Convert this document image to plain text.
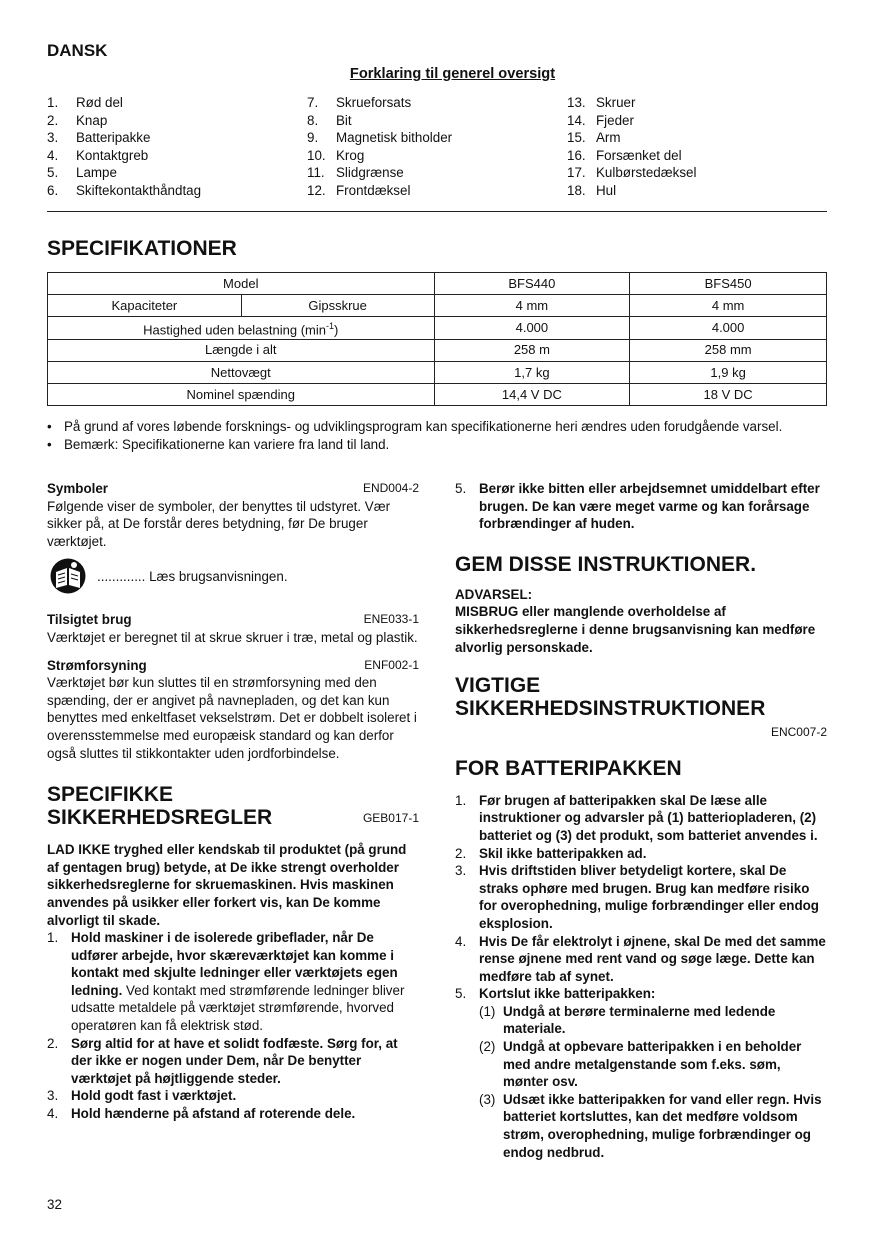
DANSK
Forklaring til generel oversigt
1.	Rød del
2.	Knap
3.	Batteripakke
4.	Kontaktgreb
5.	Lampe
6.	Skiftekontakthåndtag
7.	Skrueforsats
8.	Bit
9.	Magnetisk bitholder
10. Krog
11. Slidgrænse
12. Frontdæksel
13. Skruer
14. Fjeder
15. Arm
16. Forsænket del
17. Kulbørstedæksel
18. Hul
SPECIFIKATIONER
Model		BFS440	BFS450
Kapaciteter	Gipsskrue	4 mm	4 mm
Hastighed uden belastning $(\min^{-1})$		4.000	4.000
Længde i alt		258 m	258 mm
Nettovægt		1,7 kg	1,9 kg
Nominel spænding		14,4 V DC	18 V DC
• På grund af vores løbende forsknings- og udviklingsprogram kan specifikationerne heri ændres uden forudgående varsel.
• Bemærk: Specifikationerne kan variere fra land til land.
Symboler	END004-2
Følgende viser de symboler, der benyttes til udstyret. Vær sikker på, at De forstår deres betydning, før De bruger værktøjet.
............. Læs brugsanvisningen.
Tilsigtet brug	ENE033-1
Værktøjet er beregnet til at skrue skruer i træ, metal og plastik.
Strømforsyning	ENF002-1
Værktøjet bør kun sluttes til en strømforsyning med den spænding, der er angivet på navnepladen, og det kan kun benyttes med enkeltfaset vekselstrøm. Det er dobbelt isoleret i overensstemmelse med europæisk standard og kan derfor også sluttes til stikkontakter uden jordforbindelse.
SPECIFIKKE
SIKKERHEDSREGLER	GEB017-1
LAD IKKE tryghed eller kendskab til produktet (på grund af gentagen brug) betyde, at De ikke strengt overholder sikkerhedsreglerne for skruemaskinen. Hvis maskinen anvendes på usikker eller forkert vis, kan De komme alvorligt til skade.
1. Hold maskiner i de isolerede gribeflader, når De udfører arbejde, hvor skæreværktøjet kan komme i kontakt med skjulte ledninger eller værktøjets egen ledning. Ved kontakt med strømførende ledninger bliver udsatte metaldele på værktøjet strømførende, hvorved operatøren kan få elektrisk stød.
2. Sørg altid for at have et solidt fodfæste. Sørg for, at der ikke er nogen under Dem, når De benytter værktøjet på højtliggende steder.
3. Hold godt fast i værktøjet.
4. Hold hænderne på afstand af roterende dele.
32
5. Berør ikke bitten eller arbejdsemnet umiddelbart efter brugen. De kan være meget varme og kan forårsage forbrændinger af huden.
GEM DISSE INSTRUKTIONER.
ADVARSEL:
MISBRUG eller manglende overholdelse af sikkerhedsreglerne i denne brugsanvisning kan medføre alvorlig personskade.
VIGTIGE
SIKKERHEDSINSTRUKTIONER
ENC007-2
FOR BATTERIPAKKEN
1. Før brugen af batteripakken skal De læse alle instruktioner og advarsler på (1) batteriopladeren, (2) batteriet og (3) det produkt, som batteriet anvendes i.
2. Skil ikke batteripakken ad.
3. Hvis driftstiden bliver betydeligt kortere, skal De straks ophøre med brugen. Brug kan medføre risiko for overophedning, mulige forbrændinger eller endog eksplosion.
4. Hvis De får elektrolyt i øjnene, skal De med det samme rense øjnene med rent vand og søge læge. Dette kan medføre tab af synet.
5. Kortslut ikke batteripakken:
(1) Undgå at berøre terminalerne med ledende materiale.
(2) Undgå at opbevare batteripakken i en beholder med andre metalgenstande som f.eks. søm, mønter osv.
(3) Udsæt ikke batteripakken for vand eller regn. Hvis batteriet kortsluttes, kan det medføre voldsom strøm, overophedning, mulige forbrændinger og endog nedbrud.
